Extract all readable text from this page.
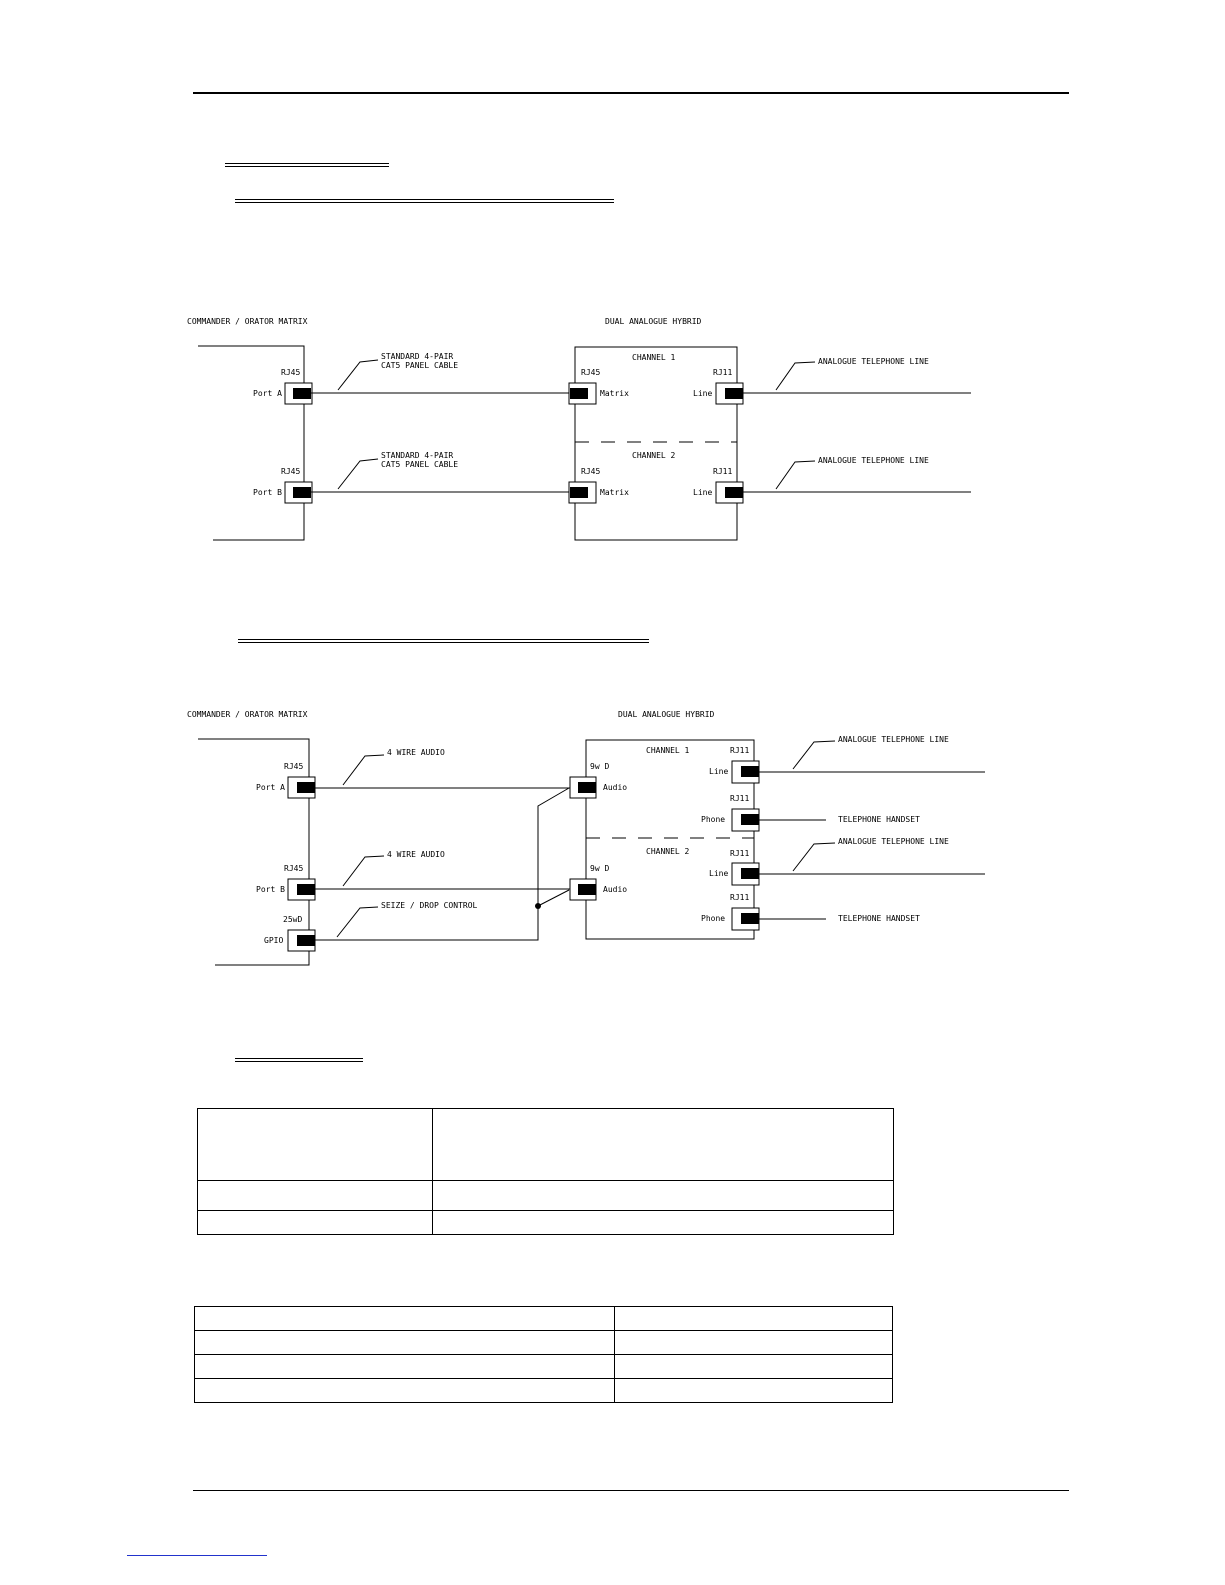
COMMANDER / ORATOR MATRIX	DUAL ANALOGUE HYBRID
RJ45
Port A
RJ45
Port B
STANDARD 4-PAIR
CAT5 PANEL CABLE
STANDARD 4-PAIR
CAT5 PANEL CABLE
CHANNEL 1
CHANNEL 2
RJ45
Matrix
RJ45
Matrix
RJ11
Line
RJ11
Line
ANALOGUE TELEPHONE LINE
ANALOGUE TELEPHONE LINE
COMMANDER / ORATOR MATRIX	DUAL ANALOGUE HYBRID
RJ45
Port A
RJ45
Port B
25wD
GPIO
4 WIRE AUDIO
4 WIRE AUDIO
SEIZE / DROP CONTROL
CHANNEL 1
CHANNEL 2
9w D
Audio
9w D
Audio
RJ11
Line
RJ11
Phone
RJ11
Line
RJ11
Phone
ANALOGUE TELEPHONE LINE
TELEPHONE HANDSET
ANALOGUE TELEPHONE LINE
TELEPHONE HANDSET
